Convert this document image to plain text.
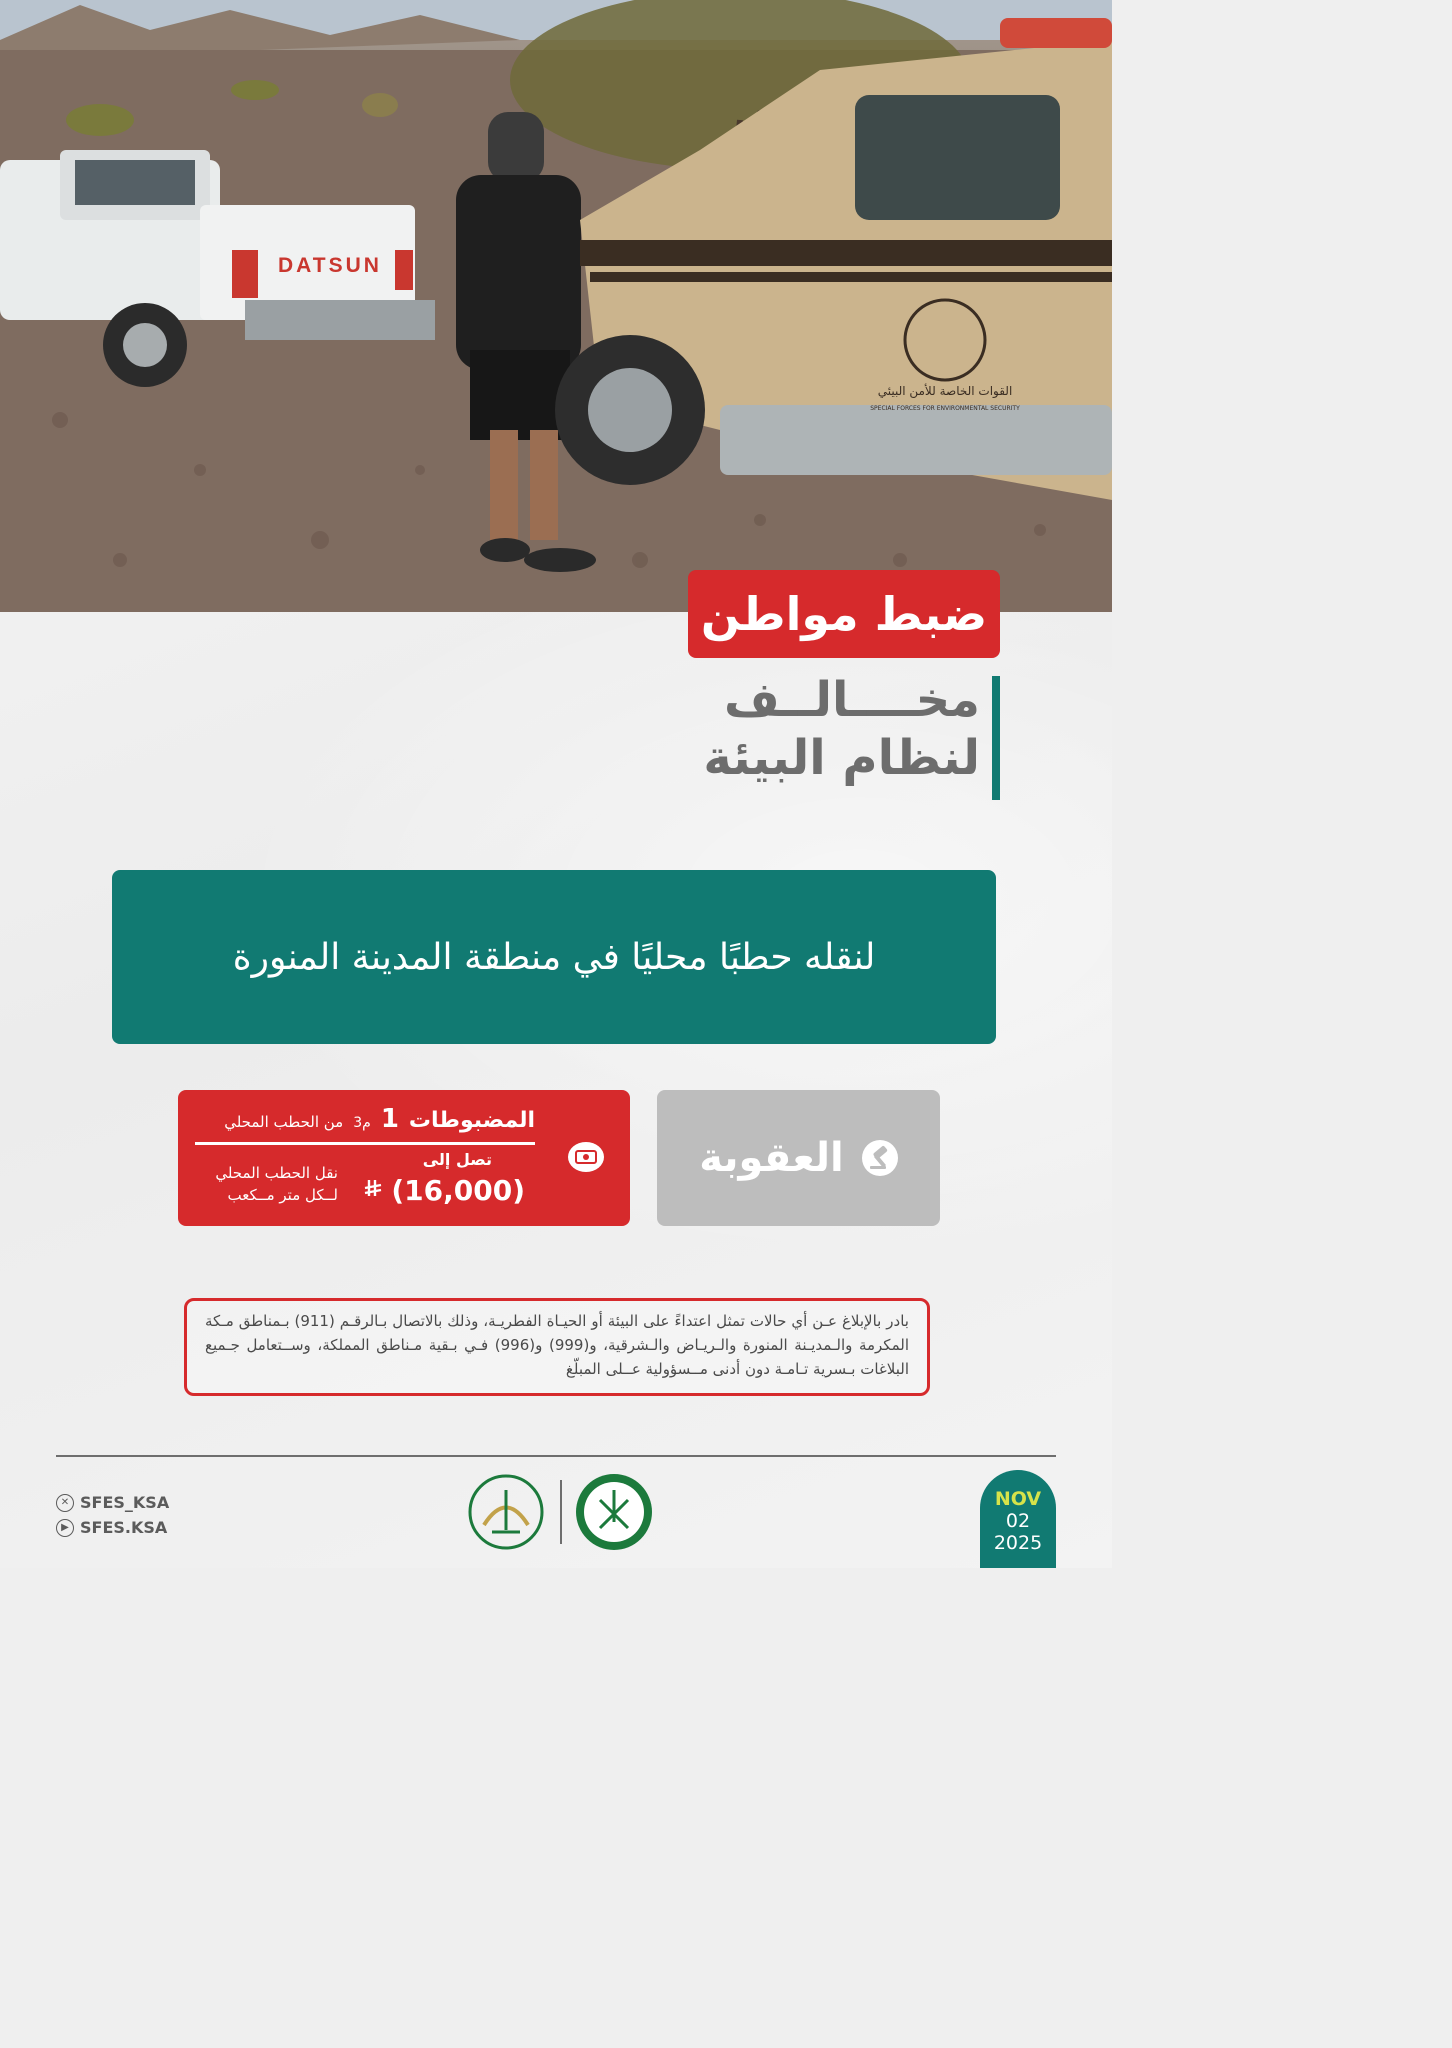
DATSUN
القوات الخاصة للأمن البيئي
SPECIAL FORCES FOR ENVIRONMENTAL SECURITY
ضبط مواطن
مخــــالــف
لنظام البيئة
لنقله حطبًا محليًا في منطقة المدينة المنورة
العقوبة
المضبوطات
1
م3
من الحطب المحلي
تصل إلى
(16,000)
نقل الحطب المحلي
لــكل متر مــكعب
بادر بالإبلاغ عـن أي حالات تمثل اعتداءً على البيئة أو الحيـاة الفطريـة، وذلك بالاتصال بـالرقـم (911) بـمناطق مـكة المكرمة والـمديـنة المنورة والـريـاض والـشرقية، و(999) و(996) فـي بـقية مـناطق المملكة، وســتعامل جـميع البلاغات بـسرية تـامـة دون أدنى مــسؤولية عــلى المبلّغ
✕ SFES_KSA
▶ SFES.KSA
NOV
02
2025
